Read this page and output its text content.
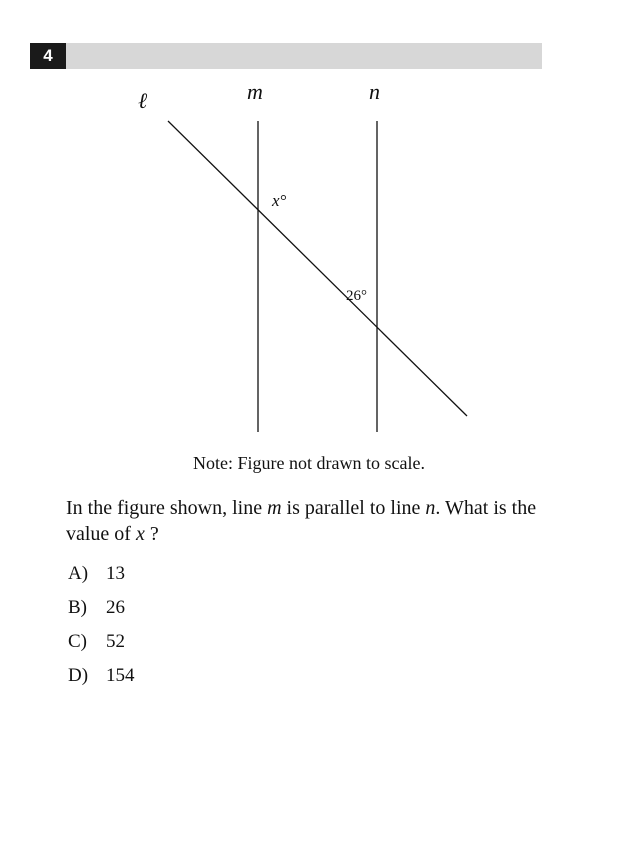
4
ℓ	m	n
x°
26°
Note: Figure not drawn to scale.
In the figure shown, line m is parallel to line n. What is the value of x ?
A) 13
B)	26
C)	52
D) 154
